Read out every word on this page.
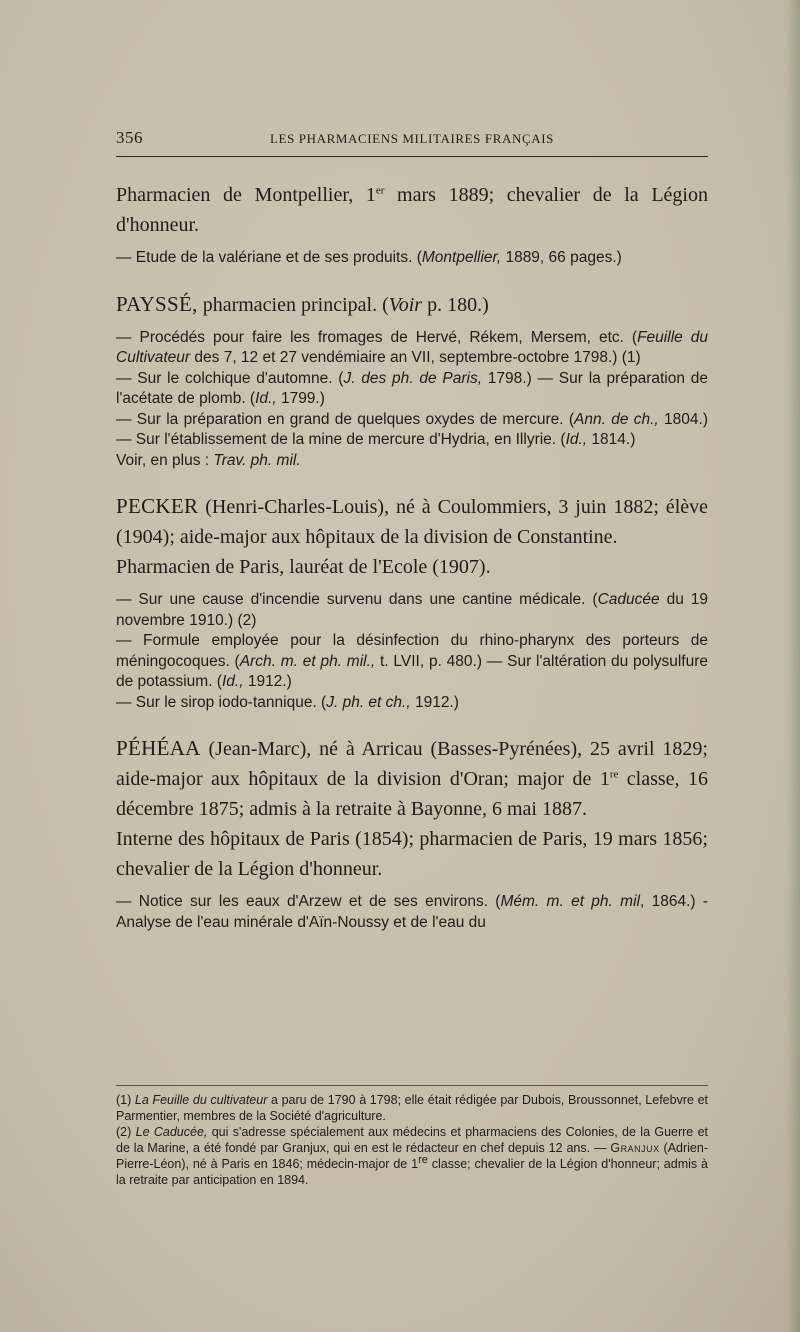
356	LES PHARMACIENS MILITAIRES FRANÇAIS

Pharmacien de Montpellier, 1er mars 1889; chevalier de la Légion d'honneur.

— Etude de la valériane et de ses produits. (Montpellier, 1889, 66 pages.)

PAYSSÉ, pharmacien principal. (Voir p. 180.)

— Procédés pour faire les fromages de Hervé, Rékem, Mersem, etc. (Feuille du Cultivateur des 7, 12 et 27 vendémiaire an VII, septembre-octobre 1798.) (1)

— Sur le colchique d'automne. (J. des ph. de Paris, 1798.) — Sur la préparation de l'acétate de plomb. (Id., 1799.)

— Sur la préparation en grand de quelques oxydes de mercure. (Ann. de ch., 1804.) — Sur l'établissement de la mine de mercure d'Hydria, en Illyrie. (Id., 1814.)

Voir, en plus : Trav. ph. mil.

PECKER (Henri-Charles-Louis), né à Coulommiers, 3 juin 1882; élève (1904); aide-major aux hôpitaux de la division de Constantine.

Pharmacien de Paris, lauréat de l'Ecole (1907).

— Sur une cause d'incendie survenu dans une cantine médicale. (Caducée du 19 novembre 1910.) (2)

— Formule employée pour la désinfection du rhino-pharynx des porteurs de méningocoques. (Arch. m. et ph. mil., t. LVII, p. 480.) — Sur l'altération du polysulfure de potassium. (Id., 1912.)

— Sur le sirop iodo-tannique. (J. ph. et ch., 1912.)

PÉHÉAA (Jean-Marc), né à Arricau (Basses-Pyrénées), 25 avril 1829; aide-major aux hôpitaux de la division d'Oran; major de 1re classe, 16 décembre 1875; admis à la retraite à Bayonne, 6 mai 1887.

Interne des hôpitaux de Paris (1854); pharmacien de Paris, 19 mars 1856; chevalier de la Légion d'honneur.

— Notice sur les eaux d'Arzew et de ses environs. (Mém. m. et ph. mil, 1864.) - Analyse de l'eau minérale d'Aïn-Noussy et de l'eau du

(1) La Feuille du cultivateur a paru de 1790 à 1798; elle était rédigée par Dubois, Broussonnet, Lefebvre et Parmentier, membres de la Société d'agriculture.

(2) Le Caducée, qui s'adresse spécialement aux médecins et pharmaciens des Colonies, de la Guerre et de la Marine, a été fondé par Granjux, qui en est le rédacteur en chef depuis 12 ans. — Granjux (Adrien-Pierre-Léon), né à Paris en 1846; médecin-major de 1re classe; chevalier de la Légion d'honneur; admis à la retraite par anticipation en 1894.
